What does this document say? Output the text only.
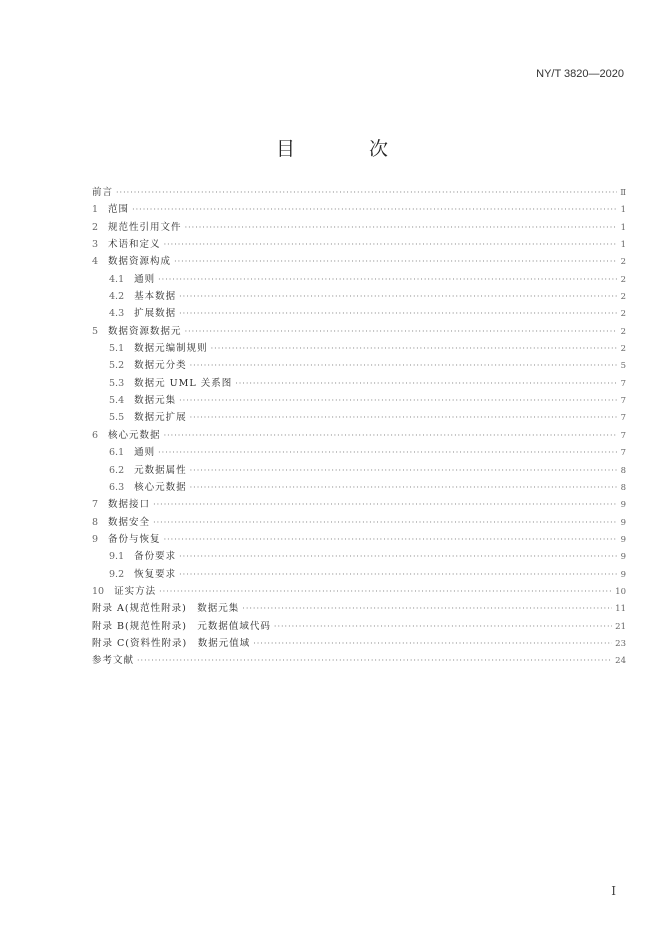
NY/T 3820—2020
目 次
前言 ·····	Ⅱ
1 范围 ·····	1
2 规范性引用文件 ·····	1
3 术语和定义 ·····	1
4 数据资源构成 ·····	2
4.1 通则 ·····	2
4.2 基本数据 ·····	2
4.3 扩展数据 ·····	2
5 数据资源数据元 ·····	2
5.1 数据元编制规则 ·····	2
5.2 数据元分类 ·····	5
5.3 数据元 UML 关系图 ·····	7
5.4 数据元集 ·····	7
5.5 数据元扩展 ·····	7
6 核心元数据 ·····	7
6.1 通则 ·····	7
6.2 元数据属性 ·····	8
6.3 核心元数据 ·····	8
7 数据接口 ·····	9
8 数据安全 ·····	9
9 备份与恢复 ·····	9
9.1 备份要求 ·····	9
9.2 恢复要求 ·····	9
10 证实方法 ·····	10
附录 A(规范性附录)　数据元集 ·····	11
附录 B(规范性附录)　元数据值域代码 ·····	21
附录 C(资料性附录)　数据元值域 ·····	23
参考文献 ·····	24
I
